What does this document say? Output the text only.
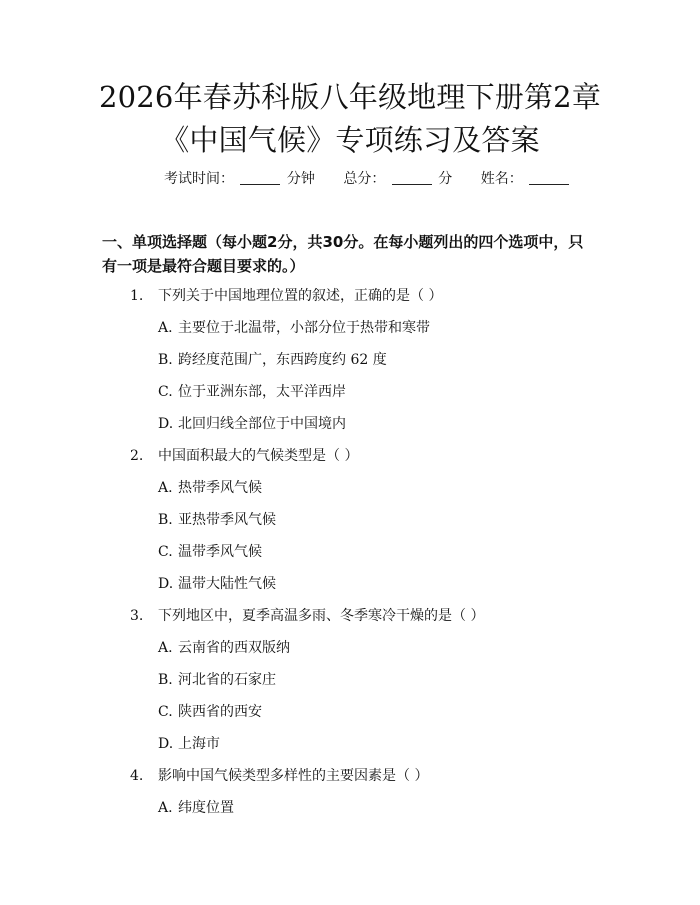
2026年春苏科版八年级地理下册第2章《中国气候》专项练习及答案
考试时间：	分钟 总分：	分 姓名：
一、单项选择题（每小题2分，共30分。在每小题列出的四个选项中，只有一项是最符合题目要求的。）
1.	下列关于中国地理位置的叙述，正确的是（ ）
A. 主要位于北温带，小部分位于热带和寒带
B. 跨经度范围广，东西跨度约 62 度
C. 位于亚洲东部，太平洋西岸
D. 北回归线全部位于中国境内
2.	中国面积最大的气候类型是（ ）
A. 热带季风气候
B. 亚热带季风气候
C. 温带季风气候
D. 温带大陆性气候
3.	下列地区中，夏季高温多雨、冬季寒冷干燥的是（ ）
A. 云南省的西双版纳
B. 河北省的石家庄
C. 陕西省的西安
D. 上海市
4.	影响中国气候类型多样性的主要因素是（ ）
A. 纬度位置
